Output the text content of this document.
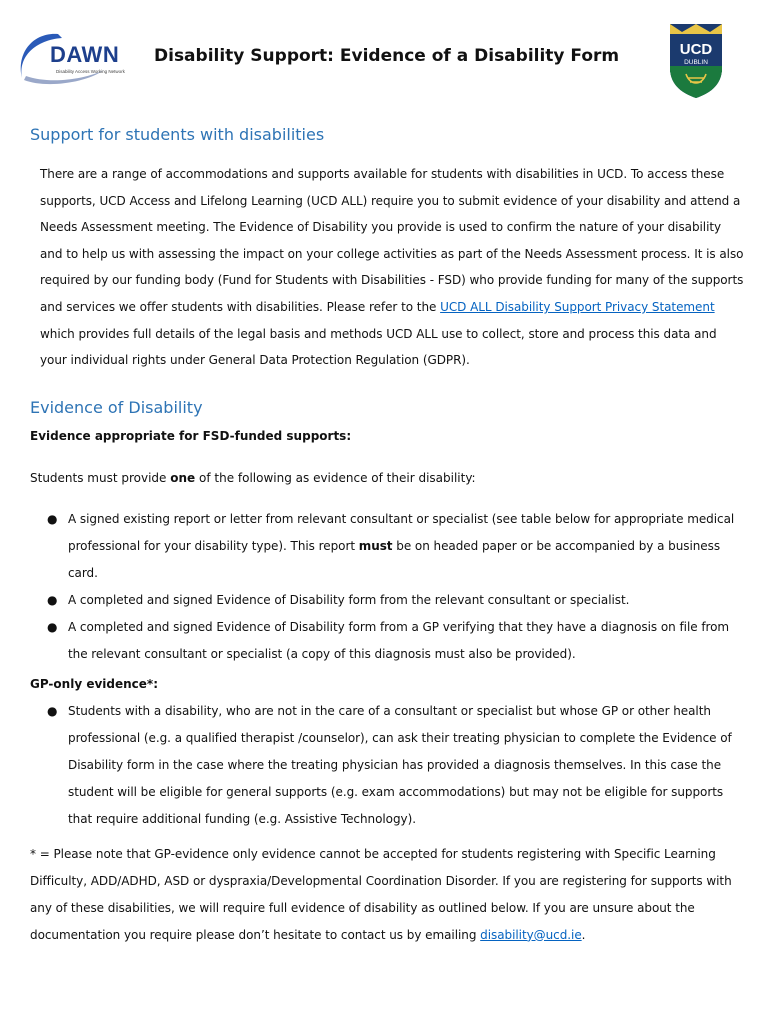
DAWN
Disability Access Working Network
Disability Support: Evidence of a Disability Form	UCD
DUBLIN
Support for students with disabilities

There are a range of accommodations and supports available for students with disabilities in UCD. To access these supports, UCD Access and Lifelong Learning (UCD ALL) require you to submit evidence of your disability and attend a Needs Assessment meeting. The Evidence of Disability you provide is used to confirm the nature of your disability and to help us with assessing the impact on your college activities as part of the Needs Assessment process. It is also required by our funding body (Fund for Students with Disabilities - FSD) who provide funding for many of the supports and services we offer students with disabilities. Please refer to the UCD ALL Disability Support Privacy Statement which provides full details of the legal basis and methods UCD ALL use to collect, store and process this data and your individual rights under General Data Protection Regulation (GDPR).

Evidence of Disability

Evidence appropriate for FSD-funded supports:

Students must provide one of the following as evidence of their disability:

● A signed existing report or letter from relevant consultant or specialist (see table below for appropriate medical professional for your disability type). This report must be on headed paper or be accompanied by a business card.
● A completed and signed Evidence of Disability form from the relevant consultant or specialist.
● A completed and signed Evidence of Disability form from a GP verifying that they have a diagnosis on file from the relevant consultant or specialist (a copy of this diagnosis must also be provided).

GP-only evidence*:

● Students with a disability, who are not in the care of a consultant or specialist but whose GP or other health professional (e.g. a qualified therapist /counselor), can ask their treating physician to complete the Evidence of Disability form in the case where the treating physician has provided a diagnosis themselves. In this case the student will be eligible for general supports (e.g. exam accommodations) but may not be eligible for supports that require additional funding (e.g. Assistive Technology).

* = Please note that GP-evidence only evidence cannot be accepted for students registering with Specific Learning Difficulty, ADD/ADHD, ASD or dyspraxia/Developmental Coordination Disorder. If you are registering for supports with any of these disabilities, we will require full evidence of disability as outlined below. If you are unsure about the documentation you require please don’t hesitate to contact us by emailing disability@ucd.ie.
